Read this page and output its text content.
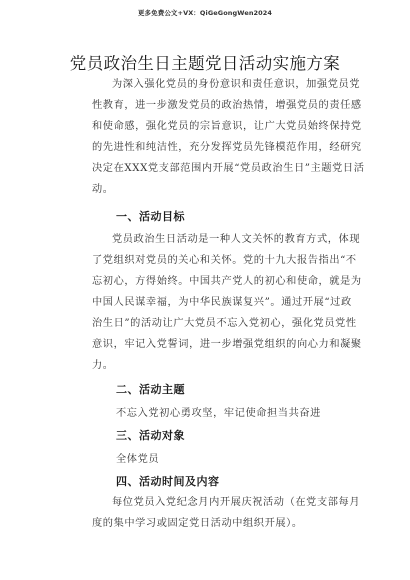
更多免费公文+VX：QiGeGongWen2024
党员政治生日主题党日活动实施方案
为深入强化党员的身份意识和责任意识，加强党员党
性教育，进一步激发党员的政治热情，增强党员的责任感
和使命感，强化党员的宗旨意识，让广大党员始终保持党
的先进性和纯洁性，充分发挥党员先锋模范作用，经研究
决定在XXX党支部范围内开展“党员政治生日”主题党日活
动。
一、活动目标
党员政治生日活动是一种人文关怀的教育方式，体现
了党组织对党员的关心和关怀。党的十九大报告指出“不
忘初心，方得始终。中国共产党人的初心和使命，就是为
中国人民谋幸福，为中华民族谋复兴”。通过开展“过政
治生日”的活动让广大党员不忘入党初心，强化党员党性
意识，牢记入党誓词，进一步增强党组织的向心力和凝聚
力。
二、活动主题
不忘入党初心勇攻坚，牢记使命担当共奋进
三、活动对象
全体党员
四、活动时间及内容
每位党员入党纪念月内开展庆祝活动（在党支部每月
度的集中学习或固定党日活动中组织开展）。
